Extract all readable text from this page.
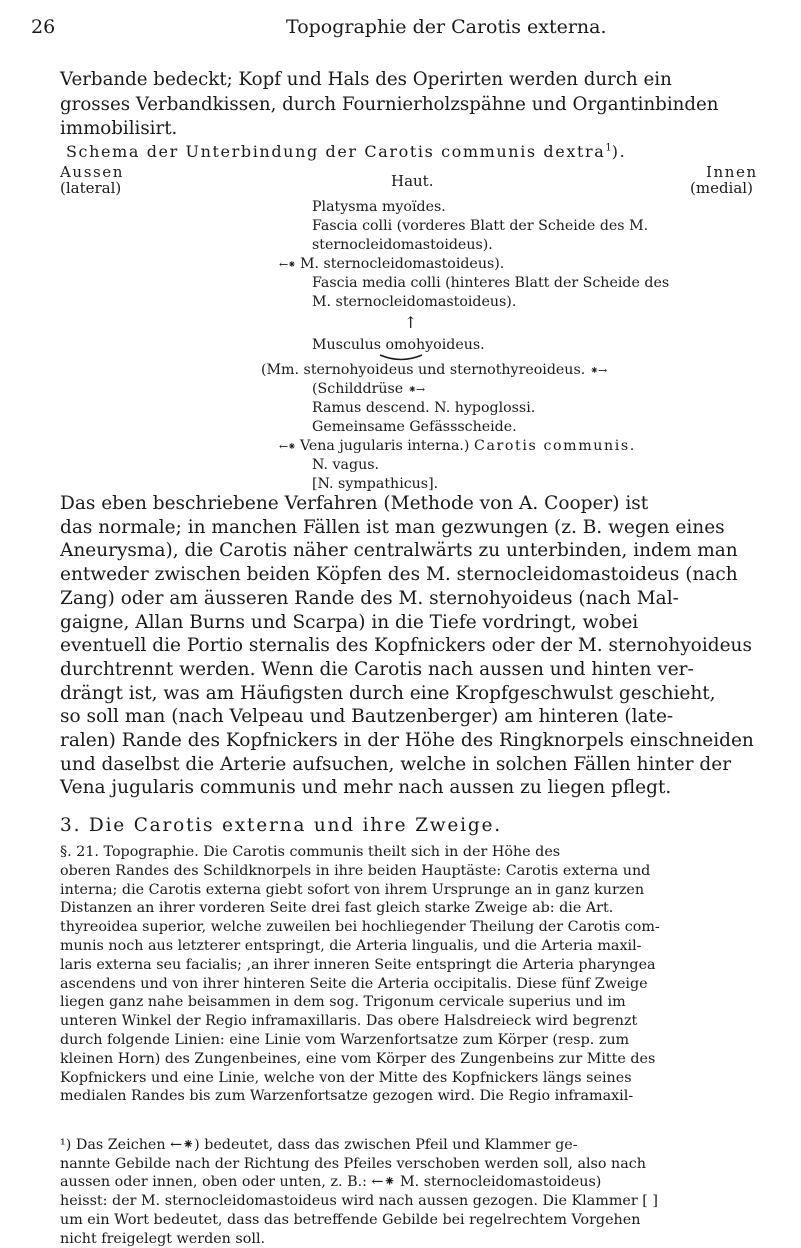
26	Topographie der Carotis externa.
Verbande bedeckt; Kopf und Hals des Operirten werden durch ein
grosses Verbandkissen, durch Fournierholzspähne und Organtinbinden
immobilisirt.
Schema der Unterbindung der Carotis communis dextra$^1$).
Aussen
(lateral)	Haut.	Innen
(medial)
Platysma myoïdes.
Fascia colli (vorderes Blatt der Scheide des M.
sternocleidomastoideus).
←⁕ M. sternocleidomastoideus).
Fascia media colli (hinteres Blatt der Scheide des
M. sternocleidomastoideus).
↑
Musculus omohyoideus.
(Mm. sternohyoideus und sternothyreoideus. ⁕→
(Schilddrüse ⁕→
Ramus descend. N. hypoglossi.
Gemeinsame Gefässscheide.
←⁕ Vena jugularis interna.) Carotis communis.
N. vagus.
[N. sympathicus].
Das eben beschriebene Verfahren (Methode von A. Cooper) ist
das normale; in manchen Fällen ist man gezwungen (z. B. wegen eines
Aneurysma), die Carotis näher centralwärts zu unterbinden, indem man
entweder zwischen beiden Köpfen des M. sternocleidomastoideus (nach
Zang) oder am äusseren Rande des M. sternohyoideus (nach Mal-
gaigne, Allan Burns und Scarpa) in die Tiefe vordringt, wobei
eventuell die Portio sternalis des Kopfnickers oder der M. sternohyoideus
durchtrennt werden. Wenn die Carotis nach aussen und hinten ver-
drängt ist, was am Häufigsten durch eine Kropfgeschwulst geschieht,
so soll man (nach Velpeau und Bautzenberger) am hinteren (late-
ralen) Rande des Kopfnickers in der Höhe des Ringknorpels einschneiden
und daselbst die Arterie aufsuchen, welche in solchen Fällen hinter der
Vena jugularis communis und mehr nach aussen zu liegen pflegt.
3. Die Carotis externa und ihre Zweige.
§. 21. Topographie. Die Carotis communis theilt sich in der Höhe des
oberen Randes des Schildknorpels in ihre beiden Hauptäste: Carotis externa und
interna; die Carotis externa giebt sofort von ihrem Ursprunge an in ganz kurzen
Distanzen an ihrer vorderen Seite drei fast gleich starke Zweige ab: die Art.
thyreoidea superior, welche zuweilen bei hochliegender Theilung der Carotis com-
munis noch aus letzterer entspringt, die Arteria lingualis, und die Arteria maxil-
laris externa seu facialis; ‚an ihrer inneren Seite entspringt die Arteria pharyngea
ascendens und von ihrer hinteren Seite die Arteria occipitalis. Diese fünf Zweige
liegen ganz nahe beisammen in dem sog. Trigonum cervicale superius und im
unteren Winkel der Regio inframaxillaris. Das obere Halsdreieck wird begrenzt
durch folgende Linien: eine Linie vom Warzenfortsatze zum Körper (resp. zum
kleinen Horn) des Zungenbeines, eine vom Körper des Zungenbeins zur Mitte des
Kopfnickers und eine Linie, welche von der Mitte des Kopfnickers längs seines
medialen Randes bis zum Warzenfortsatze gezogen wird. Die Regio inframaxil-
¹) Das Zeichen ←⁕) bedeutet, dass das zwischen Pfeil und Klammer ge-
nannte Gebilde nach der Richtung des Pfeiles verschoben werden soll, also nach
aussen oder innen, oben oder unten, z. B.: ←⁕ M. sternocleidomastoideus)
heisst: der M. sternocleidomastoideus wird nach aussen gezogen. Die Klammer [ ]
um ein Wort bedeutet, dass das betreffende Gebilde bei regelrechtem Vorgehen
nicht freigelegt werden soll.
